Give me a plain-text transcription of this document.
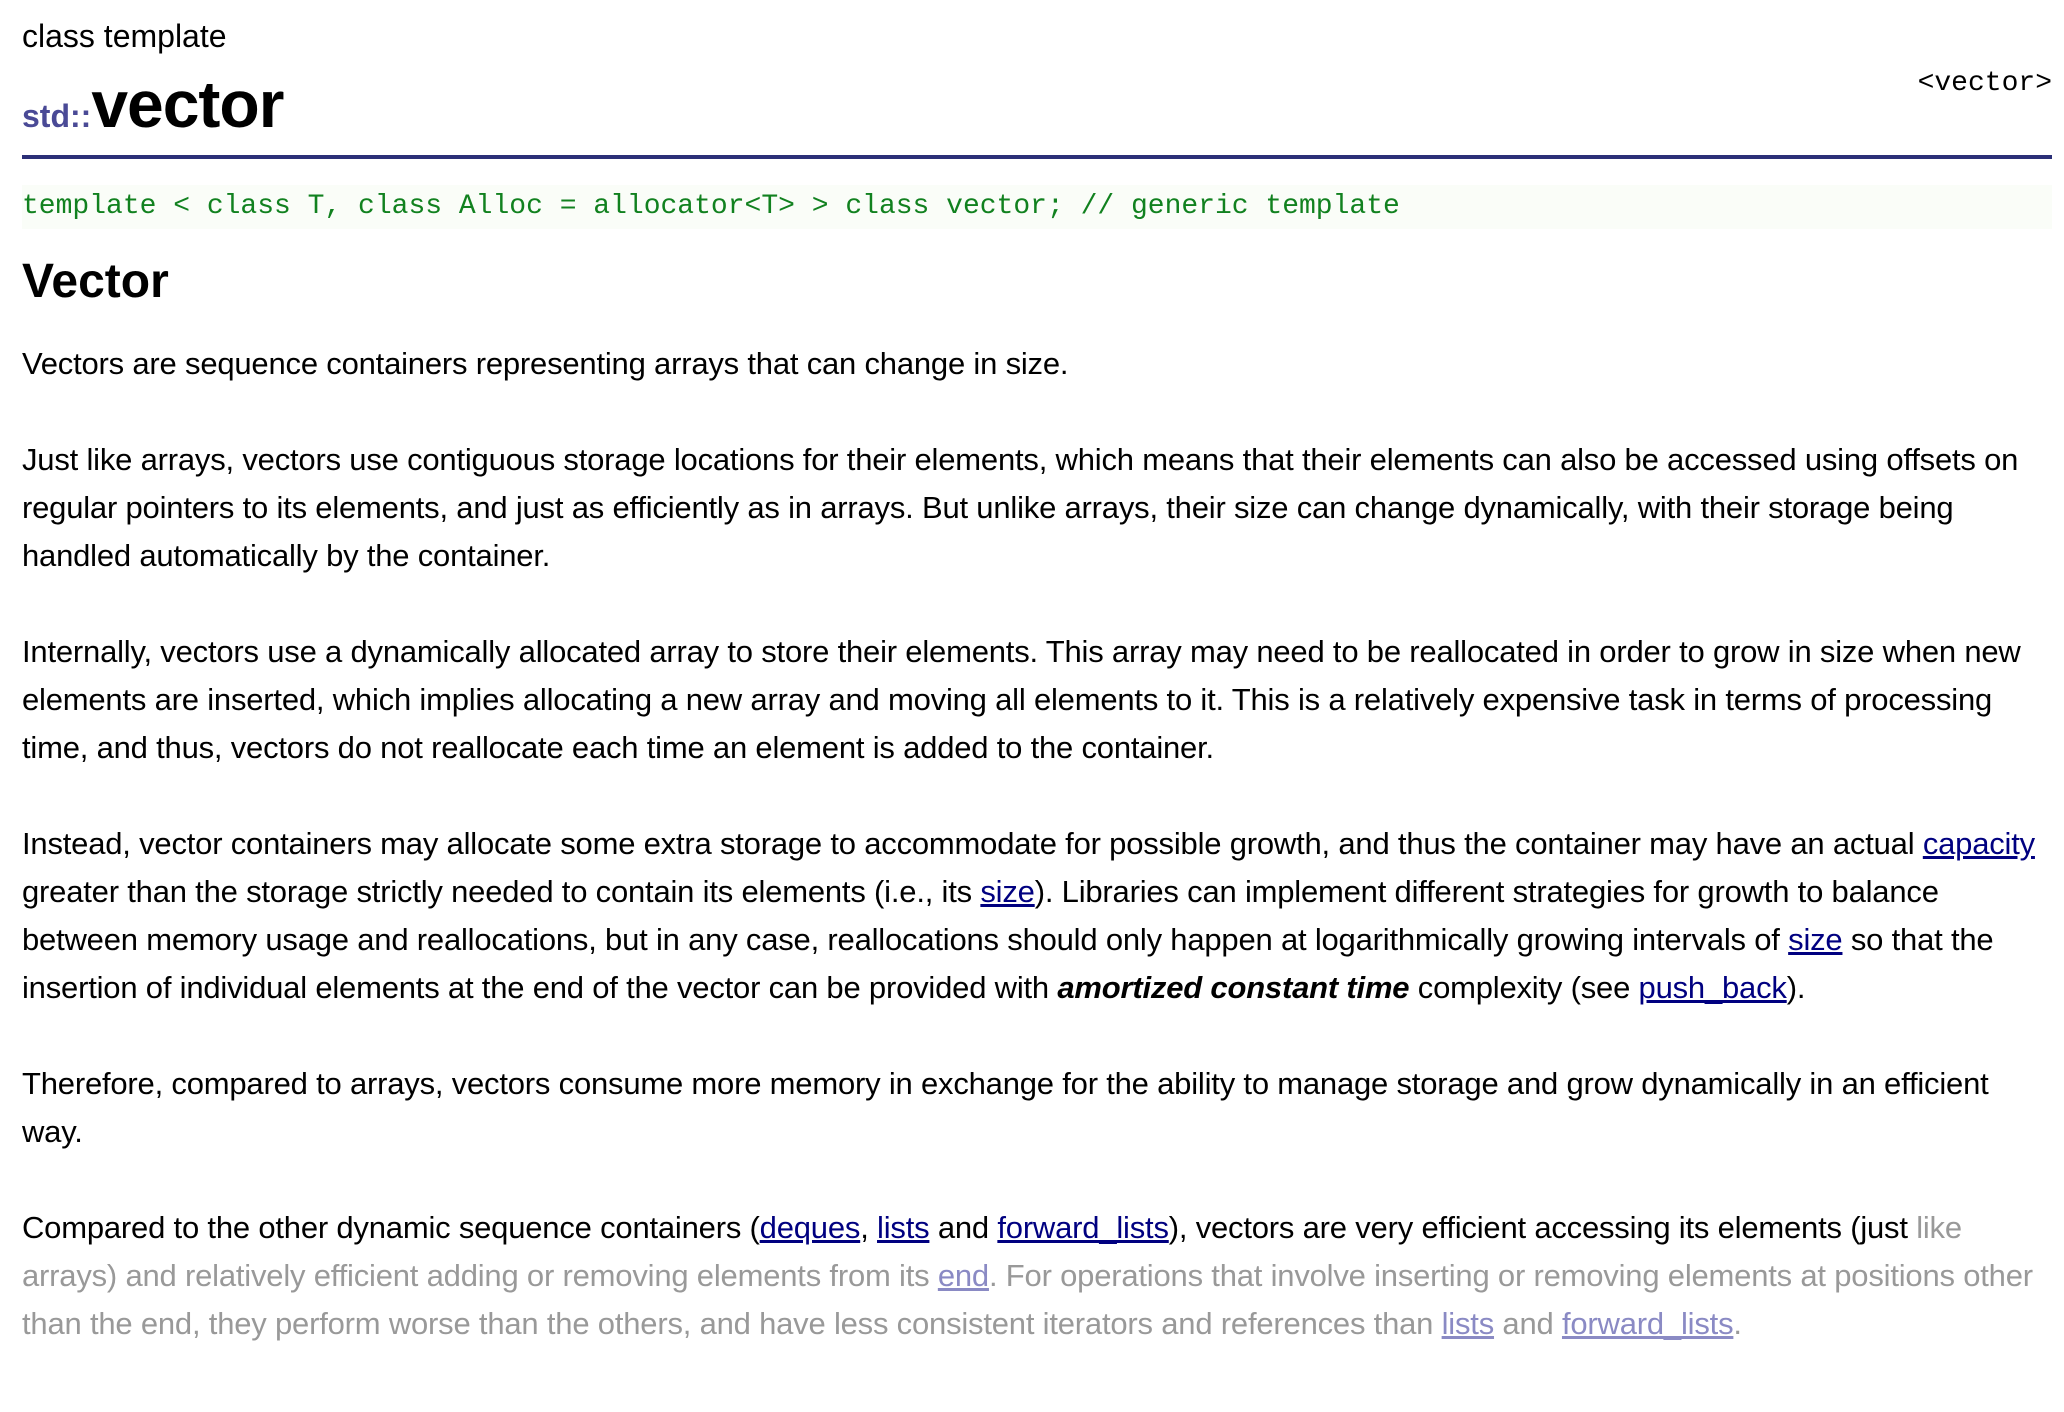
class template
std::vector	<vector>
template < class T, class Alloc = allocator<T> > class vector; // generic template
Vector

Vectors are sequence containers representing arrays that can change in size.

Just like arrays, vectors use contiguous storage locations for their elements, which means that their elements can also be accessed using offsets on regular pointers to its elements, and just as efficiently as in arrays. But unlike arrays, their size can change dynamically, with their storage being handled automatically by the container.

Internally, vectors use a dynamically allocated array to store their elements. This array may need to be reallocated in order to grow in size when new elements are inserted, which implies allocating a new array and moving all elements to it. This is a relatively expensive task in terms of processing time, and thus, vectors do not reallocate each time an element is added to the container.

Instead, vector containers may allocate some extra storage to accommodate for possible growth, and thus the container may have an actual capacity greater than the storage strictly needed to contain its elements (i.e., its size). Libraries can implement different strategies for growth to balance between memory usage and reallocations, but in any case, reallocations should only happen at logarithmically growing intervals of size so that the insertion of individual elements at the end of the vector can be provided with amortized constant time complexity (see push_back).

Therefore, compared to arrays, vectors consume more memory in exchange for the ability to manage storage and grow dynamically in an efficient way.

Compared to the other dynamic sequence containers (deques, lists and forward_lists), vectors are very efficient accessing its elements (just like arrays) and relatively efficient adding or removing elements from its end. For operations that involve inserting or removing elements at positions other than the end, they perform worse than the others, and have less consistent iterators and references than lists and forward_lists.
